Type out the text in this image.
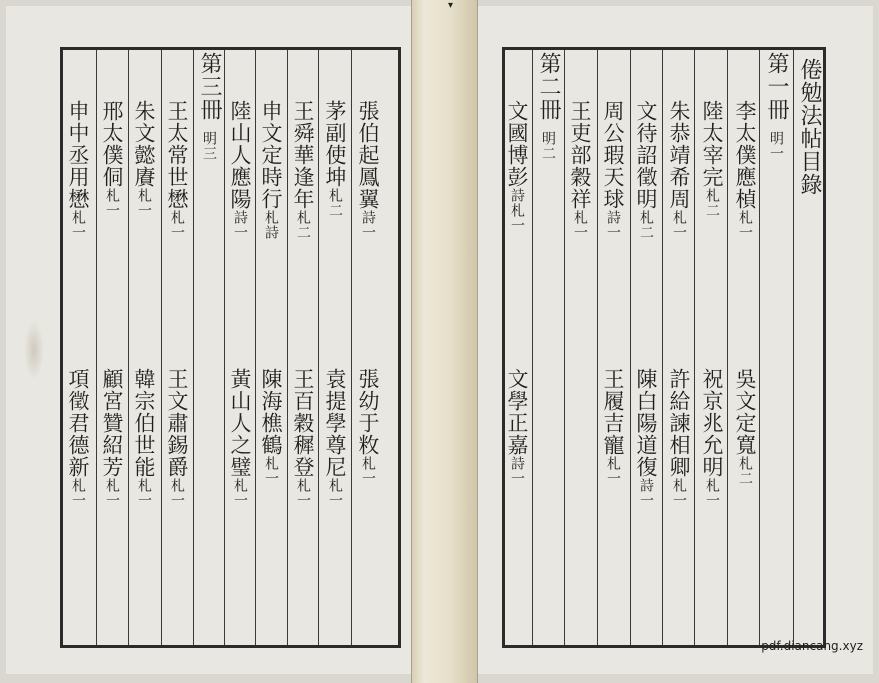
▾
倦勉法帖目錄
第一冊明一
李太僕應楨札一
吳文定寬札二
陸太宰完札二
祝京兆允明札一
朱恭靖希周札一
許給諫相卿札一
文待詔徵明札二
陳白陽道復詩一
周公瑕天球詩一
王履吉寵札一
王吏部穀祥札一
第二冊明二
文國博彭詩札一
文學正嘉詩一
張伯起鳳翼詩一
張幼于敉札一
茅副使坤札二
袁提學尊尼札一
王舜華逢年札二
王百穀穉登札一
申文定時行札詩
陳海樵鶴札一
陸山人應陽詩一
黃山人之璧札一
第三冊明三
王太常世懋札一
王文肅錫爵札一
朱文懿賡札一
韓宗伯世能札一
邢太僕侗札一
顧宮贊紹芳札一
申中丞用懋札一
項徵君德新札一
pdf.diancang.xyz
